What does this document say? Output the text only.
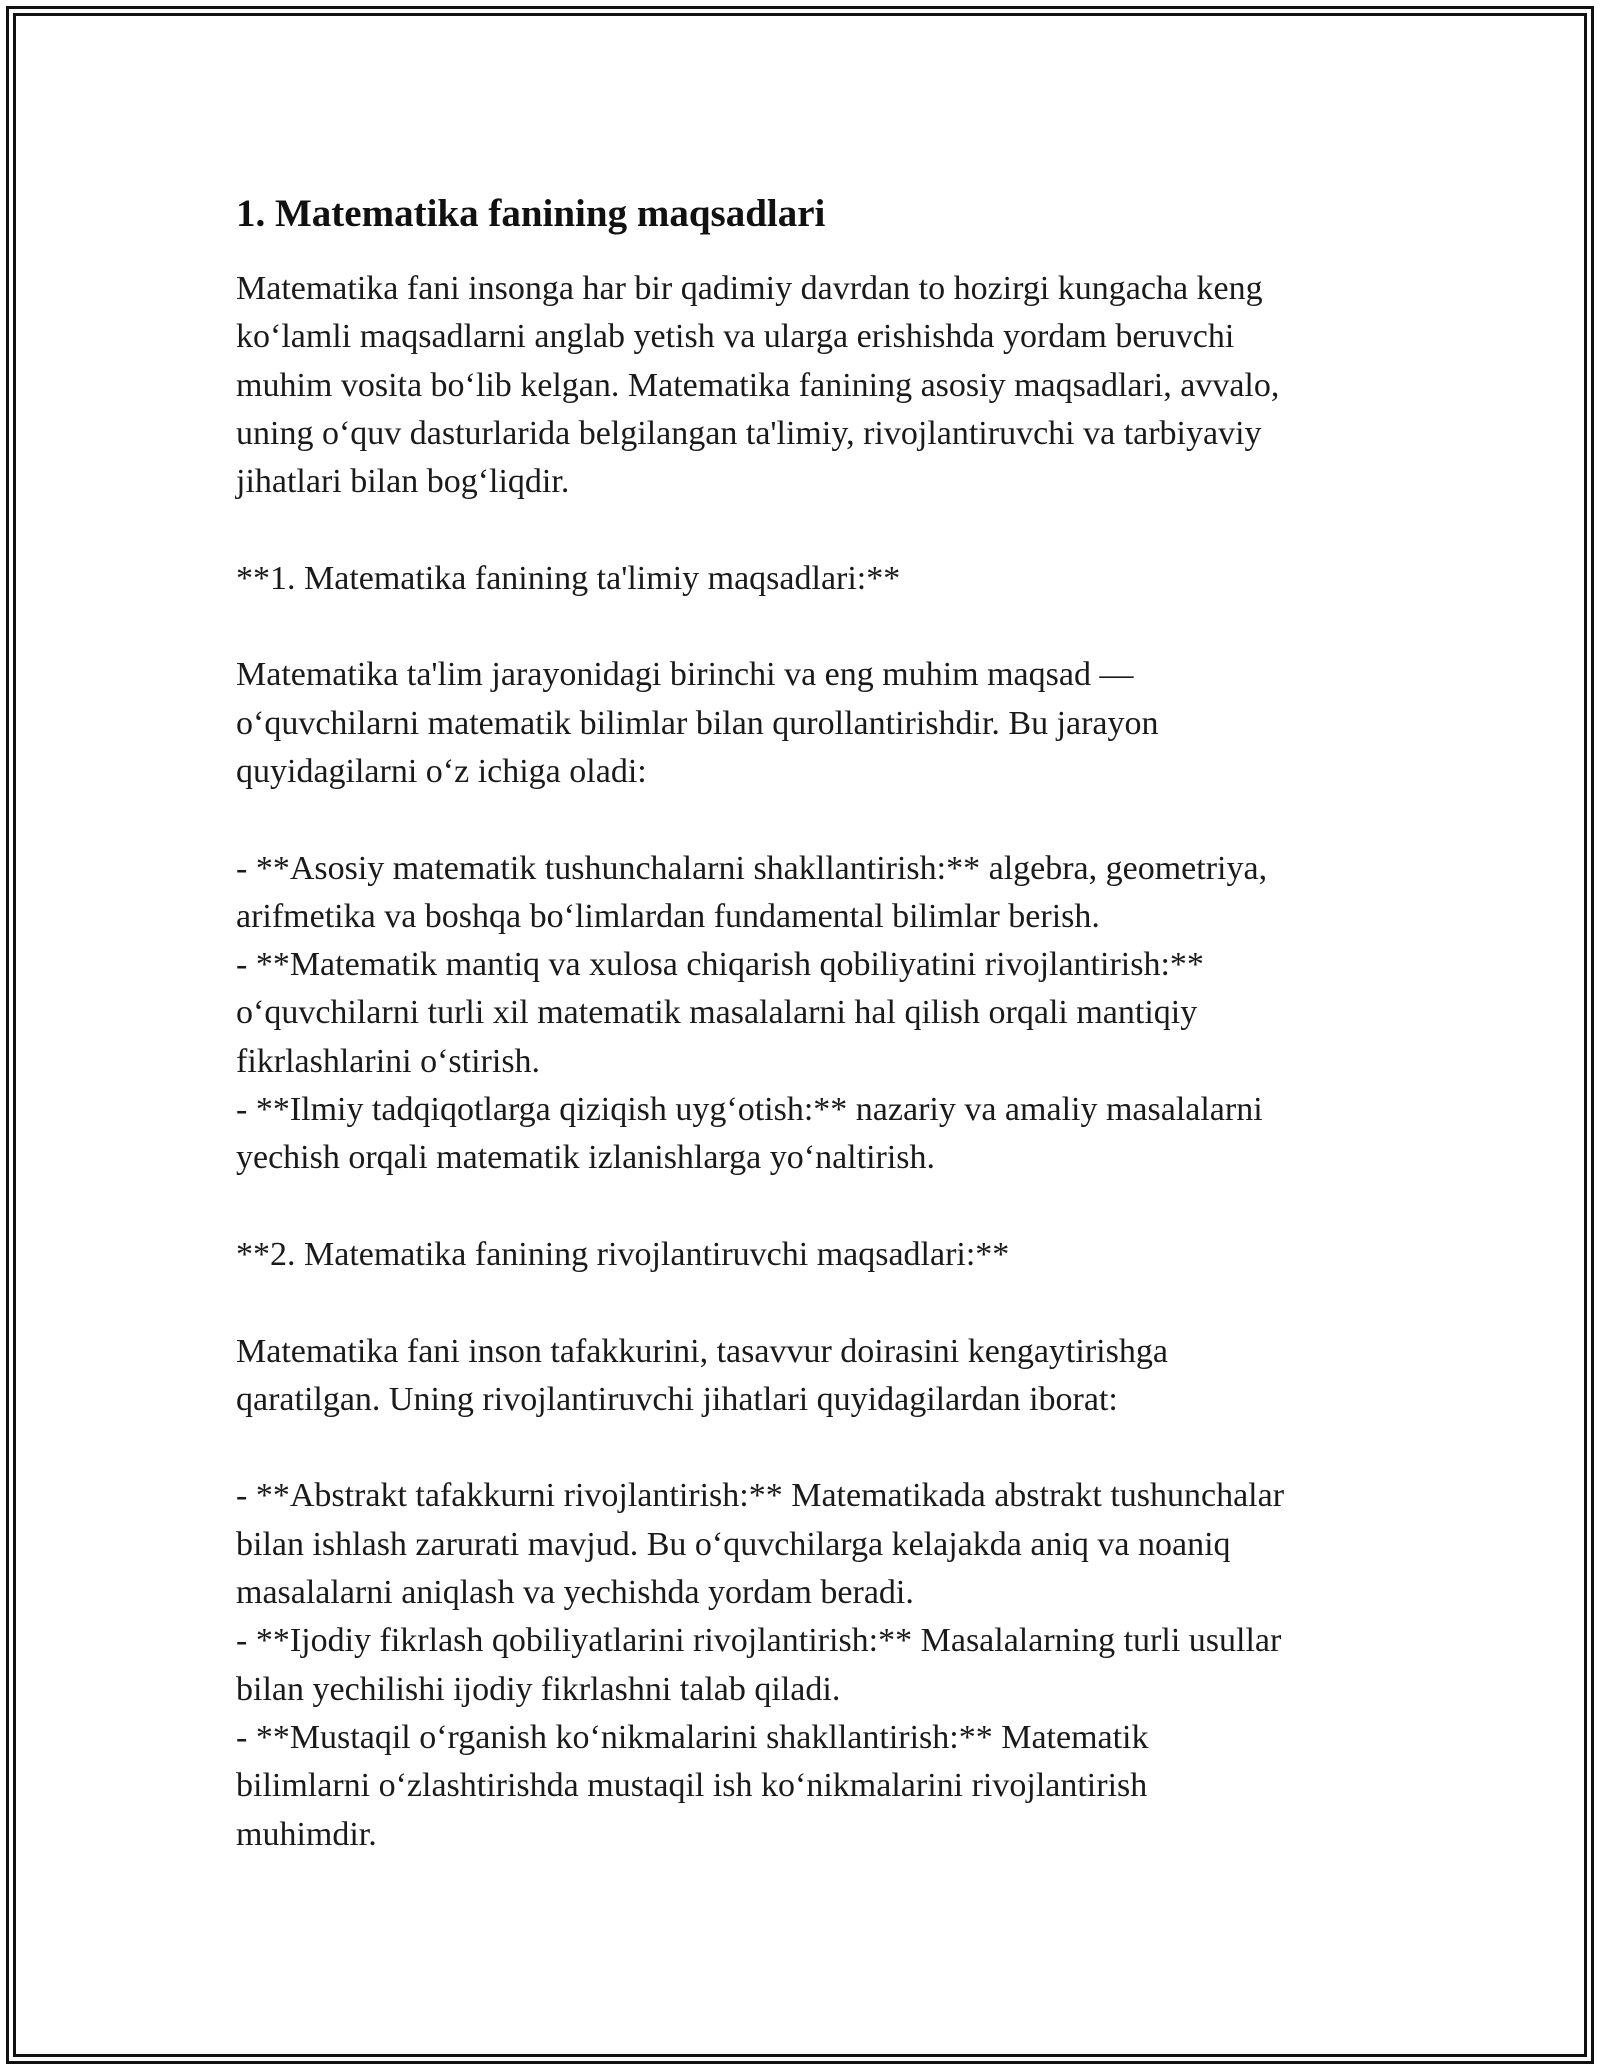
1. Matematika fanining maqsadlari

Matematika fani insonga har bir qadimiy davrdan to hozirgi kungacha keng
ko‘lamli maqsadlarni anglab yetish va ularga erishishda yordam beruvchi
muhim vosita bo‘lib kelgan. Matematika fanining asosiy maqsadlari, avvalo,
uning o‘quv dasturlarida belgilangan ta'limiy, rivojlantiruvchi va tarbiyaviy
jihatlari bilan bog‘liqdir.

**1. Matematika fanining ta'limiy maqsadlari:**

Matematika ta'lim jarayonidagi birinchi va eng muhim maqsad —
o‘quvchilarni matematik bilimlar bilan qurollantirishdir. Bu jarayon
quyidagilarni o‘z ichiga oladi:

- **Asosiy matematik tushunchalarni shakllantirish:** algebra, geometriya,
arifmetika va boshqa bo‘limlardan fundamental bilimlar berish.
- **Matematik mantiq va xulosa chiqarish qobiliyatini rivojlantirish:**
o‘quvchilarni turli xil matematik masalalarni hal qilish orqali mantiqiy
fikrlashlarini o‘stirish.
- **Ilmiy tadqiqotlarga qiziqish uyg‘otish:** nazariy va amaliy masalalarni
yechish orqali matematik izlanishlarga yo‘naltirish.

**2. Matematika fanining rivojlantiruvchi maqsadlari:**

Matematika fani inson tafakkurini, tasavvur doirasini kengaytirishga
qaratilgan. Uning rivojlantiruvchi jihatlari quyidagilardan iborat:

- **Abstrakt tafakkurni rivojlantirish:** Matematikada abstrakt tushunchalar
bilan ishlash zarurati mavjud. Bu o‘quvchilarga kelajakda aniq va noaniq
masalalarni aniqlash va yechishda yordam beradi.
- **Ijodiy fikrlash qobiliyatlarini rivojlantirish:** Masalalarning turli usullar
bilan yechilishi ijodiy fikrlashni talab qiladi.
- **Mustaqil o‘rganish ko‘nikmalarini shakllantirish:** Matematik
bilimlarni o‘zlashtirishda mustaqil ish ko‘nikmalarini rivojlantirish
muhimdir.
